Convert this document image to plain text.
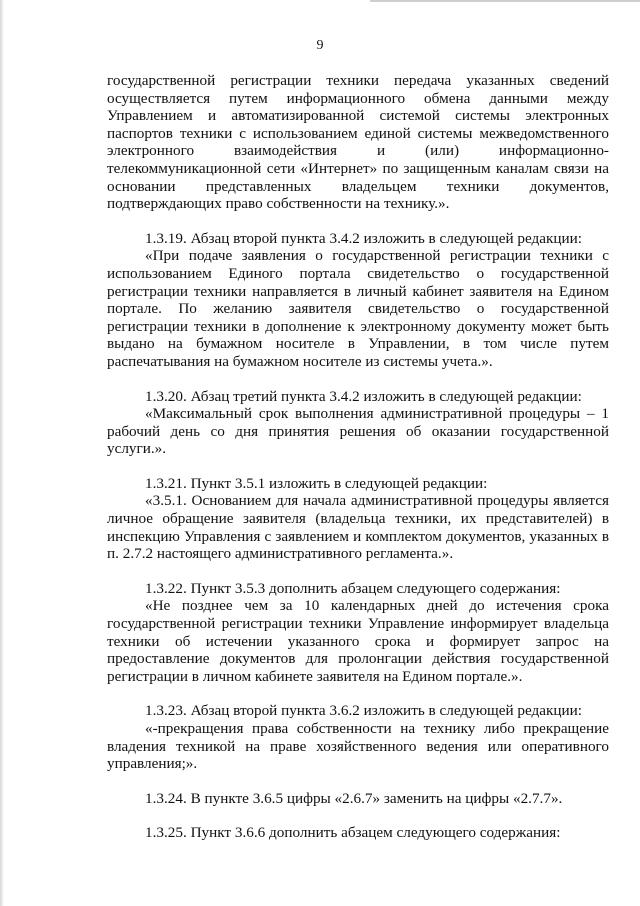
9

государственной регистрации техники передача указанных сведений осуществляется путем информационного обмена данными между Управлением и автоматизированной системой системы электронных паспортов техники с использованием единой системы межведомственного электронного взаимодействия и (или) информационно-телекоммуникационной сети «Интернет» по защищенным каналам связи на основании представленных владельцем техники документов, подтверждающих право собственности на технику.».

1.3.19. Абзац второй пункта 3.4.2 изложить в следующей редакции:

«При подаче заявления о государственной регистрации техники с использованием Единого портала свидетельство о государственной регистрации техники направляется в личный кабинет заявителя на Едином портале. По желанию заявителя свидетельство о государственной регистрации техники в дополнение к электронному документу может быть выдано на бумажном носителе в Управлении, в том числе путем распечатывания на бумажном носителе из системы учета.».

1.3.20. Абзац третий пункта 3.4.2 изложить в следующей редакции:

«Максимальный срок выполнения административной процедуры – 1 рабочий день со дня принятия решения об оказании государственной услуги.».

1.3.21. Пункт 3.5.1 изложить в следующей редакции:

«3.5.1. Основанием для начала административной процедуры является личное обращение заявителя (владельца техники, их представителей) в инспекцию Управления с заявлением и комплектом документов, указанных в п. 2.7.2 настоящего административного регламента.».

1.3.22. Пункт 3.5.3 дополнить абзацем следующего содержания:

«Не позднее чем за 10 календарных дней до истечения срока государственной регистрации техники Управление информирует владельца техники об истечении указанного срока и формирует запрос на предоставление документов для пролонгации действия государственной регистрации в личном кабинете заявителя на Едином портале.».

1.3.23. Абзац второй пункта 3.6.2 изложить в следующей редакции:

«-прекращения права собственности на технику либо прекращение владения техникой на праве хозяйственного ведения или оперативного управления;».

1.3.24. В пункте 3.6.5 цифры «2.6.7» заменить на цифры «2.7.7».

1.3.25. Пункт 3.6.6 дополнить абзацем следующего содержания:
